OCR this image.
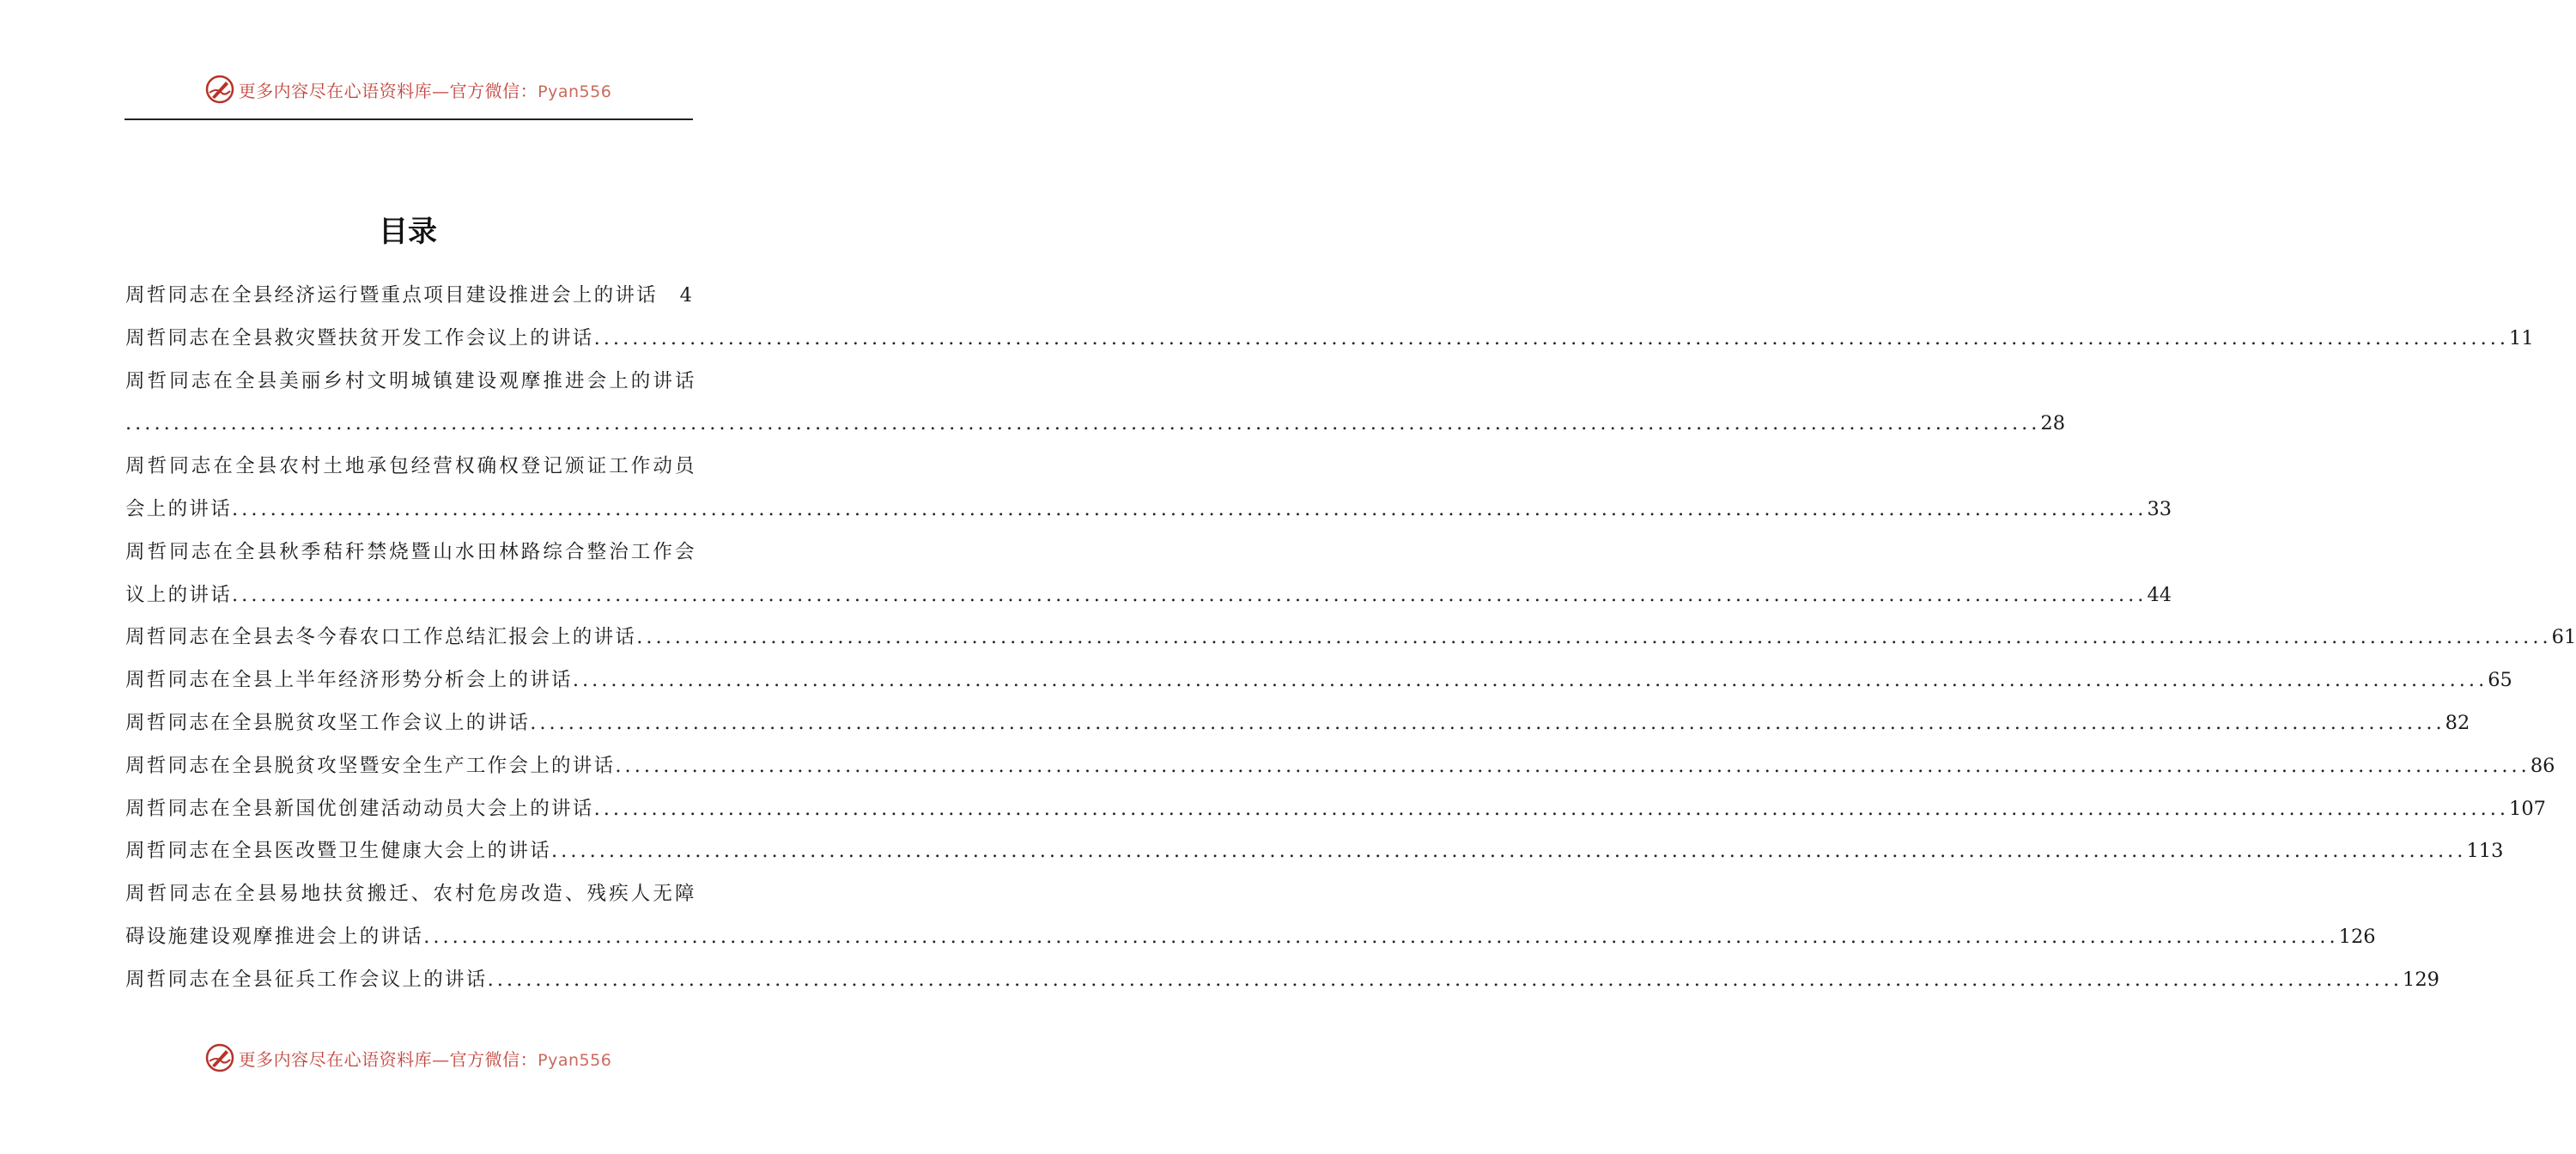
更多内容尽在心语资料库—官方微信：Pyan556
目录
周哲同志在全县经济运行暨重点项目建设推进会上的讲话 4
周哲同志在全县救灾暨扶贫开发工作会议上的讲话 ........................................................................................................................................................................................................ 11
周哲同志在全县美丽乡村文明城镇建设观摩推进会上的讲话
........................................................................................................................................................................................................ 28
周哲同志在全县农村土地承包经营权确权登记颁证工作动员
会上的讲话 ........................................................................................................................................................................................................ 33
周哲同志在全县秋季秸秆禁烧暨山水田林路综合整治工作会
议上的讲话 ........................................................................................................................................................................................................ 44
周哲同志在全县去冬今春农口工作总结汇报会上的讲话 ........................................................................................................................................................................................................ 61
周哲同志在全县上半年经济形势分析会上的讲话 ........................................................................................................................................................................................................ 65
周哲同志在全县脱贫攻坚工作会议上的讲话 ........................................................................................................................................................................................................ 82
周哲同志在全县脱贫攻坚暨安全生产工作会上的讲话 ........................................................................................................................................................................................................ 86
周哲同志在全县新国优创建活动动员大会上的讲话 ........................................................................................................................................................................................................ 107
周哲同志在全县医改暨卫生健康大会上的讲话 ........................................................................................................................................................................................................ 113
周哲同志在全县易地扶贫搬迁、农村危房改造、残疾人无障
碍设施建设观摩推进会上的讲话 ........................................................................................................................................................................................................ 126
周哲同志在全县征兵工作会议上的讲话 ........................................................................................................................................................................................................ 129
更多内容尽在心语资料库—官方微信：Pyan556
